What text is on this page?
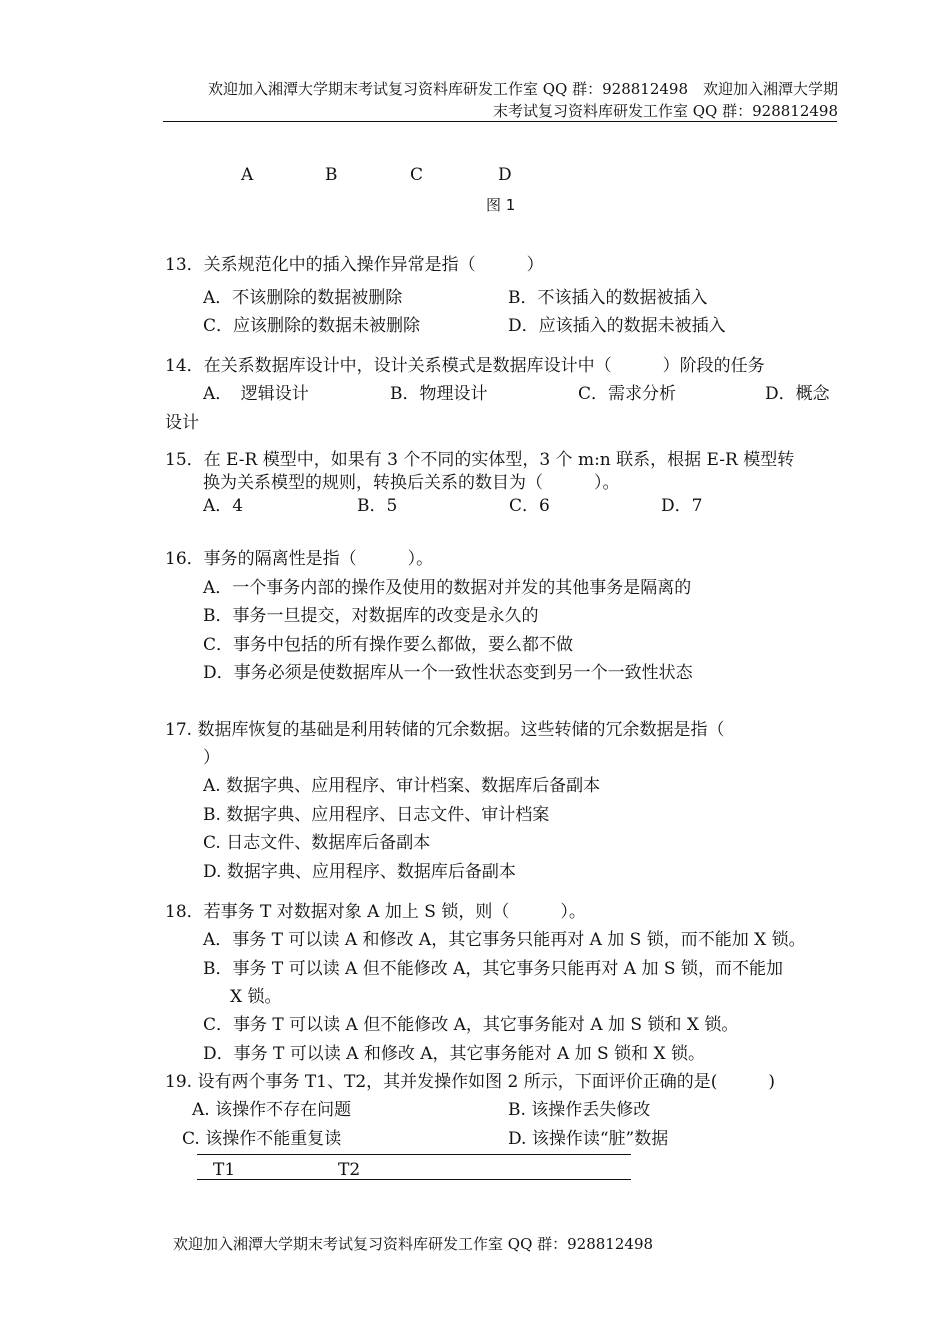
欢迎加入湘潭大学期末考试复习资料库研发工作室 QQ 群：928812498　欢迎加入湘潭大学期
末考试复习资料库研发工作室 QQ 群：928812498
A	B	C	D
图 1
13．关系规范化中的插入操作异常是指（　　　）
A．不该删除的数据被删除	B．不该插入的数据被插入
C．应该删除的数据未被删除	D．应该插入的数据未被插入
14．在关系数据库设计中，设计关系模式是数据库设计中（　　　）阶段的任务
A．　逻辑设计	B．物理设计	C．需求分析	D．概念
设计
15．在 E-R 模型中，如果有 3 个不同的实体型，3 个 m:n 联系，根据 E-R 模型转
换为关系模型的规则，转换后关系的数目为（　　　）。
A．4	B．5	C．6	D．7
16．事务的隔离性是指（　　　）。
A．一个事务内部的操作及使用的数据对并发的其他事务是隔离的
B．事务一旦提交，对数据库的改变是永久的
C．事务中包括的所有操作要么都做，要么都不做
D．事务必须是使数据库从一个一致性状态变到另一个一致性状态
17. 数据库恢复的基础是利用转储的冗余数据。这些转储的冗余数据是指（
）
A. 数据字典、应用程序、审计档案、数据库后备副本
B. 数据字典、应用程序、日志文件、审计档案
C. 日志文件、数据库后备副本
D. 数据字典、应用程序、数据库后备副本
18．若事务 T 对数据对象 A 加上 S 锁，则（　　　）。
A．事务 T 可以读 A 和修改 A，其它事务只能再对 A 加 S 锁，而不能加 X 锁。
B．事务 T 可以读 A 但不能修改 A，其它事务只能再对 A 加 S 锁，而不能加
X 锁。
C．事务 T 可以读 A 但不能修改 A，其它事务能对 A 加 S 锁和 X 锁。
D．事务 T 可以读 A 和修改 A，其它事务能对 A 加 S 锁和 X 锁。
19. 设有两个事务 T1、T2，其并发操作如图 2 所示，下面评价正确的是(　　　)
A. 该操作不存在问题	B. 该操作丢失修改
C. 该操作不能重复读	D. 该操作读“脏”数据
T1	T2
欢迎加入湘潭大学期末考试复习资料库研发工作室 QQ 群：928812498
